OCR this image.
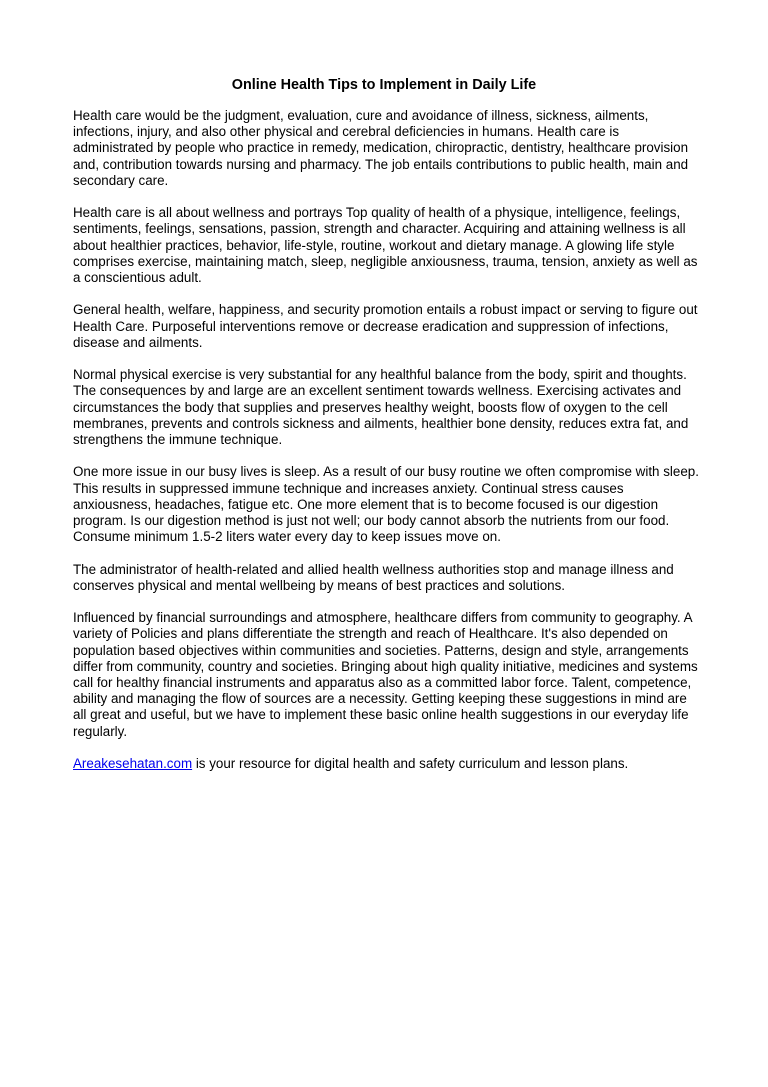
Online Health Tips to Implement in Daily Life

Health care would be the judgment, evaluation, cure and avoidance of illness, sickness, ailments, infections, injury, and also other physical and cerebral deficiencies in humans. Health care is administrated by people who practice in remedy, medication, chiropractic, dentistry, healthcare provision and, contribution towards nursing and pharmacy. The job entails contributions to public health, main and secondary care.

Health care is all about wellness and portrays Top quality of health of a physique, intelligence, feelings, sentiments, feelings, sensations, passion, strength and character. Acquiring and attaining wellness is all about healthier practices, behavior, life-style, routine, workout and dietary manage. A glowing life style comprises exercise, maintaining match, sleep, negligible anxiousness, trauma, tension, anxiety as well as a conscientious adult.

General health, welfare, happiness, and security promotion entails a robust impact or serving to figure out Health Care. Purposeful interventions remove or decrease eradication and suppression of infections, disease and ailments.

Normal physical exercise is very substantial for any healthful balance from the body, spirit and thoughts. The consequences by and large are an excellent sentiment towards wellness. Exercising activates and circumstances the body that supplies and preserves healthy weight, boosts flow of oxygen to the cell membranes, prevents and controls sickness and ailments, healthier bone density, reduces extra fat, and strengthens the immune technique.

One more issue in our busy lives is sleep. As a result of our busy routine we often compromise with sleep. This results in suppressed immune technique and increases anxiety. Continual stress causes anxiousness, headaches, fatigue etc. One more element that is to become focused is our digestion program. Is our digestion method is just not well; our body cannot absorb the nutrients from our food. Consume minimum 1.5-2 liters water every day to keep issues move on.

The administrator of health-related and allied health wellness authorities stop and manage illness and conserves physical and mental wellbeing by means of best practices and solutions.

Influenced by financial surroundings and atmosphere, healthcare differs from community to geography. A variety of Policies and plans differentiate the strength and reach of Healthcare. It's also depended on population based objectives within communities and societies. Patterns, design and style, arrangements differ from community, country and societies. Bringing about high quality initiative, medicines and systems call for healthy financial instruments and apparatus also as a committed labor force. Talent, competence, ability and managing the flow of sources are a necessity. Getting keeping these suggestions in mind are all great and useful, but we have to implement these basic online health suggestions in our everyday life regularly.

Areakesehatan.com is your resource for digital health and safety curriculum and lesson plans.
